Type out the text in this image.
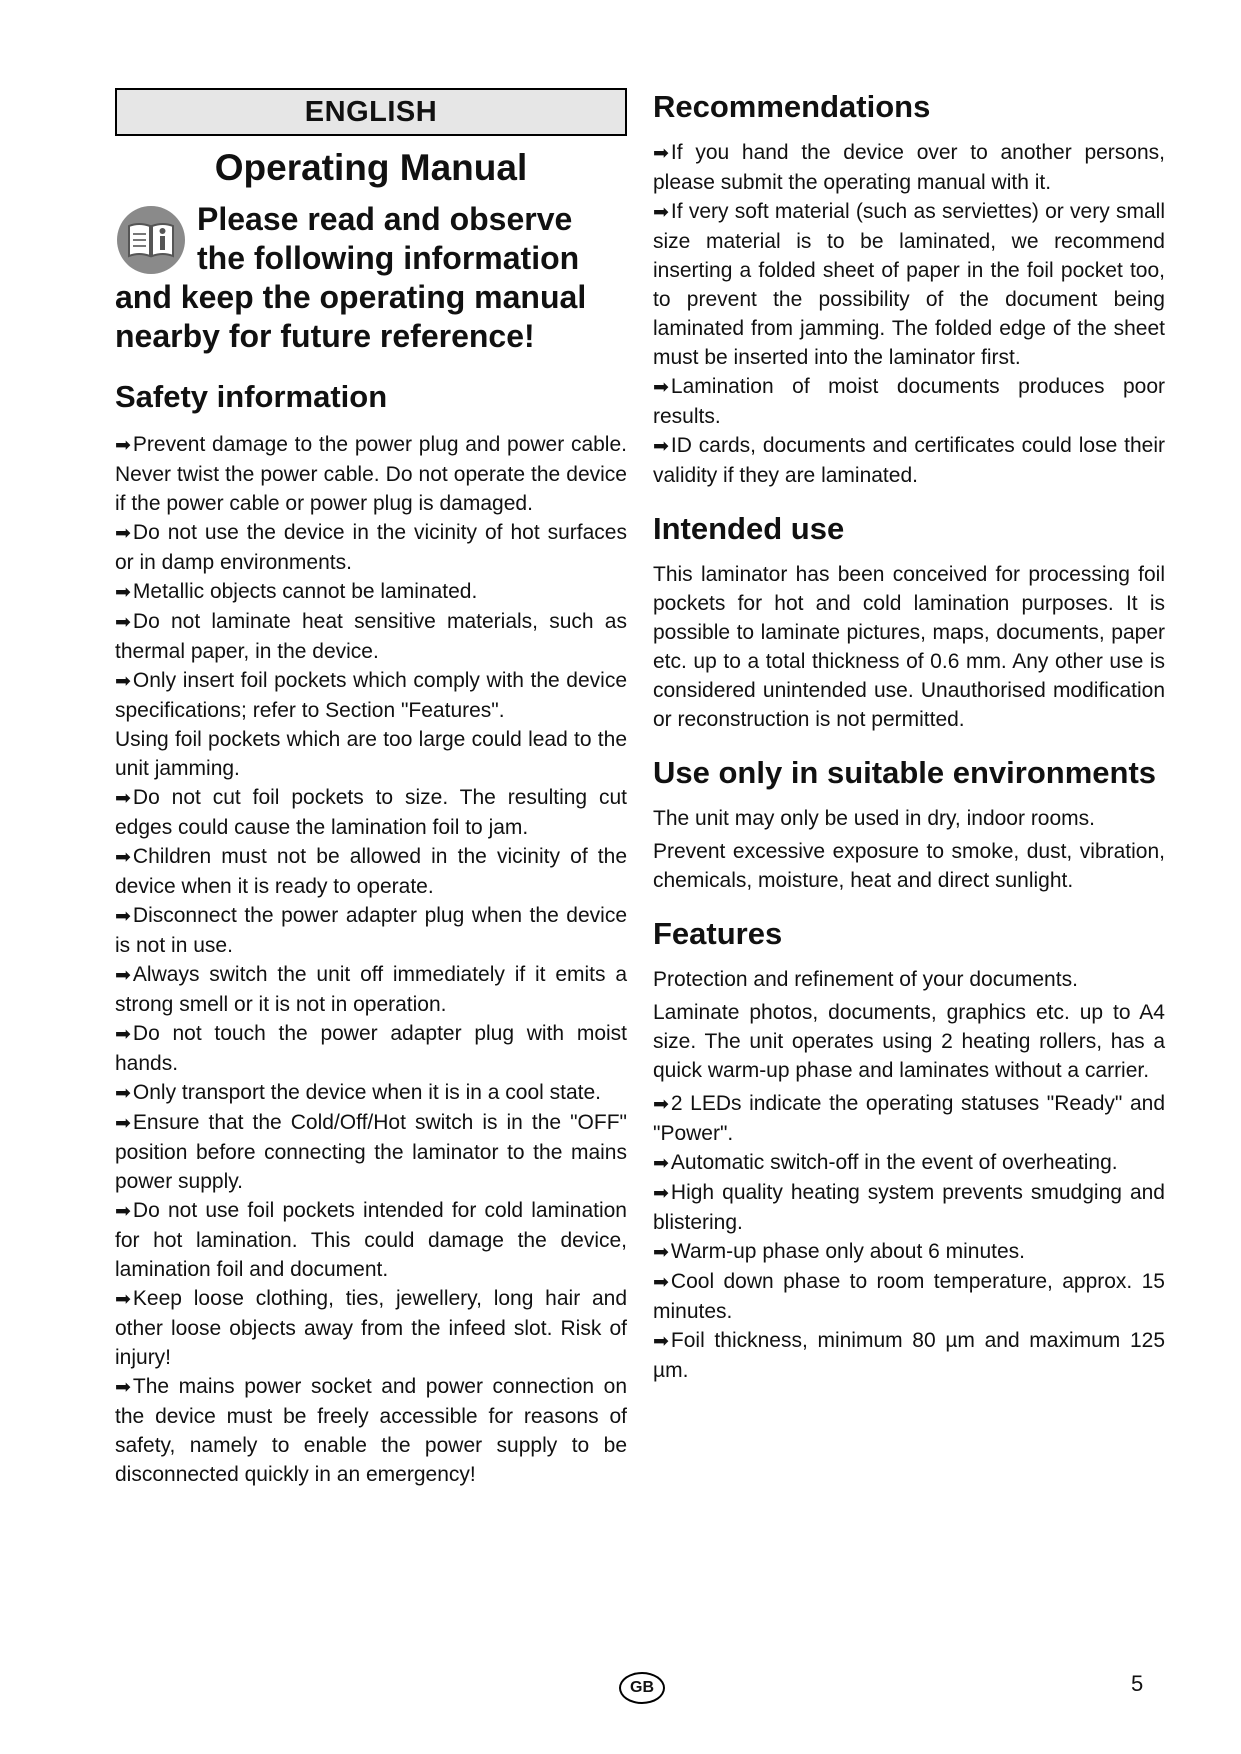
ENGLISH
Operating Manual
Please read and observe the following information and keep the operating manual nearby for future reference!
Safety information

➡Prevent damage to the power plug and power cable. Never twist the power cable. Do not operate the device if the power cable or power plug is damaged.

➡Do not use the device in the vicinity of hot surfaces or in damp environments.

➡Metallic objects cannot be laminated.

➡Do not laminate heat sensitive materials, such as thermal paper, in the device.

➡Only insert foil pockets which comply with the device specifications; refer to Section "Features".

Using foil pockets which are too large could lead to the unit jamming.

➡Do not cut foil pockets to size. The resulting cut edges could cause the lamination foil to jam.

➡Children must not be allowed in the vicinity of the device when it is ready to operate.

➡Disconnect the power adapter plug when the device is not in use.

➡Always switch the unit off immediately if it emits a strong smell or it is not in operation.

➡Do not touch the power adapter plug with moist hands.

➡Only transport the device when it is in a cool state.

➡Ensure that the Cold/Off/Hot switch is in the "OFF" position before connecting the laminator to the mains power supply.

➡Do not use foil pockets intended for cold lamination for hot lamination. This could damage the device, lamination foil and document.

➡Keep loose clothing, ties, jewellery, long hair and other loose objects away from the infeed slot. Risk of injury!

➡The mains power socket and power connection on the device must be freely accessible for reasons of safety, namely to enable the power supply to be disconnected quickly in an emergency!

Recommendations

➡If you hand the device over to another persons, please submit the operating manual with it.

➡If very soft material (such as serviettes) or very small size material is to be laminated, we recommend inserting a folded sheet of paper in the foil pocket too, to prevent the possibility of the document being laminated from jamming. The folded edge of the sheet must be inserted into the laminator first.

➡Lamination of moist documents produces poor results.

➡ID cards, documents and certificates could lose their validity if they are laminated.

Intended use

This laminator has been conceived for processing foil pockets for hot and cold lamination purposes. It is possible to laminate pictures, maps, documents, paper etc. up to a total thickness of 0.6 mm. Any other use is considered unintended use. Unauthorised modification or reconstruction is not permitted.

Use only in suitable environments

The unit may only be used in dry, indoor rooms.

Prevent excessive exposure to smoke, dust, vibration, chemicals, moisture, heat and direct sunlight.

Features

Protection and refinement of your documents.

Laminate photos, documents, graphics etc. up to A4 size. The unit operates using 2 heating rollers, has a quick warm-up phase and laminates without a carrier.

➡2 LEDs indicate the operating statuses "Ready" and "Power".

➡Automatic switch-off in the event of overheating.

➡High quality heating system prevents smudging and blistering.

➡Warm-up phase only about 6 minutes.

➡Cool down phase to room temperature, approx. 15 minutes.

➡Foil thickness, minimum 80 µm and maximum 125 µm.

GB	5
